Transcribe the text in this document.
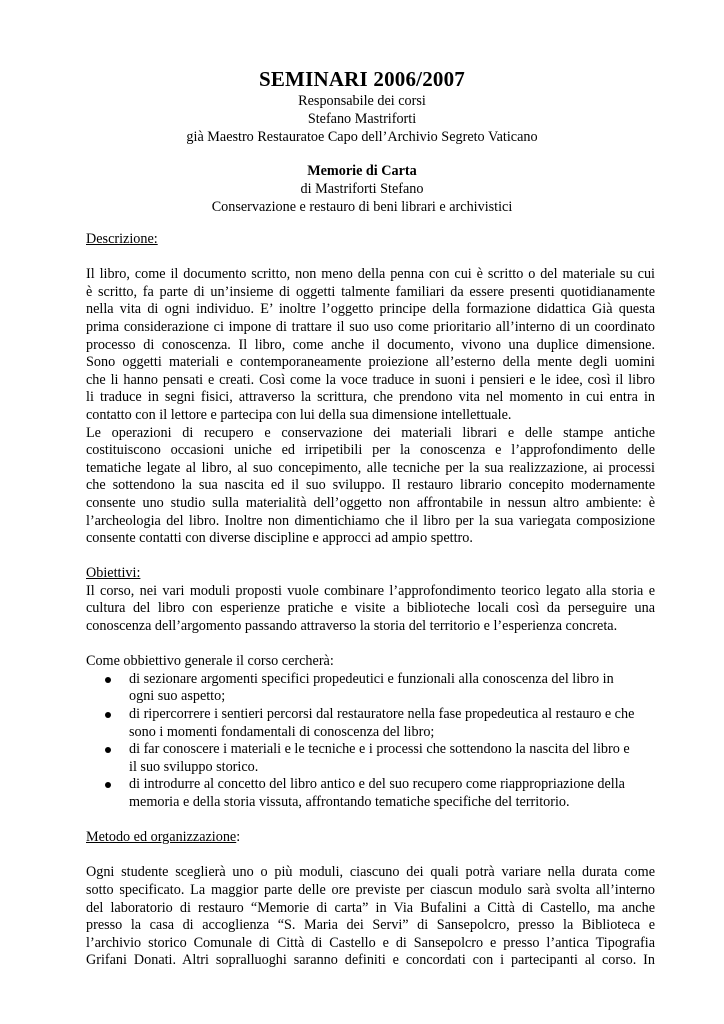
SEMINARI 2006/2007
Responsabile dei corsi
Stefano Mastriforti
già Maestro Restauratoe Capo dell’Archivio Segreto Vaticano
Memorie di Carta
di Mastriforti Stefano
Conservazione e restauro di beni librari e archivistici
Descrizione:
Il libro, come il documento scritto, non meno della penna con cui è scritto o del materiale su cui
è scritto, fa parte di un’insieme di oggetti talmente familiari da essere presenti quotidianamente
nella vita di ogni individuo. E’ inoltre l’oggetto principe della formazione didattica Già questa
prima considerazione ci impone di trattare il suo uso come prioritario all’interno di un coordinato
processo di conoscenza. Il libro, come anche il documento, vivono una duplice dimensione.
Sono oggetti materiali e contemporaneamente proiezione all’esterno della mente degli uomini
che li hanno pensati e creati. Così come la voce traduce in suoni i pensieri e le idee, così il libro
li traduce in segni fisici, attraverso la scrittura, che prendono vita nel momento in cui entra in
contatto con il lettore e partecipa con lui della sua dimensione intellettuale.
Le operazioni di recupero e conservazione dei materiali librari e delle stampe antiche
costituiscono occasioni uniche ed irripetibili per la conoscenza e l’approfondimento delle
tematiche legate al libro, al suo concepimento, alle tecniche per la sua realizzazione, ai processi
che sottendono la sua nascita ed il suo sviluppo. Il restauro librario concepito modernamente
consente uno studio sulla materialità dell’oggetto non affrontabile in nessun altro ambiente: è
l’archeologia del libro. Inoltre non dimentichiamo che il libro per la sua variegata composizione
consente contatti con diverse discipline e approcci ad ampio spettro.
Obiettivi:
Il corso, nei vari moduli proposti vuole combinare l’approfondimento teorico legato alla storia e
cultura del libro con esperienze pratiche e visite a biblioteche locali così da perseguire una
conoscenza dell’argomento passando attraverso la storia del territorio e l’esperienza concreta.
Come obbiettivo generale il corso cercherà:
di sezionare argomenti specifici propedeutici e funzionali alla conoscenza del libro in
ogni suo aspetto;
di ripercorrere i sentieri percorsi dal restauratore nella fase propedeutica al restauro e che
sono i momenti fondamentali di conoscenza del libro;
di far conoscere i materiali e le tecniche e i processi che sottendono la nascita del libro e
il suo sviluppo storico.
di introdurre al concetto del libro antico e del suo recupero come riappropriazione della
memoria e della storia vissuta, affrontando tematiche specifiche del territorio.
Metodo ed organizzazione:
Ogni studente sceglierà uno o più moduli, ciascuno dei quali potrà variare nella durata come
sotto specificato. La maggior parte delle ore previste per ciascun modulo sarà svolta all’interno
del laboratorio di restauro “Memorie di carta” in Via Bufalini a Città di Castello, ma anche
presso la casa di accoglienza “S. Maria dei Servi” di Sansepolcro, presso la Biblioteca e
l’archivio storico Comunale di Città di Castello e di Sansepolcro e presso l’antica Tipografia
Grifani Donati. Altri sopralluoghi saranno definiti e concordati con i partecipanti al corso. In
